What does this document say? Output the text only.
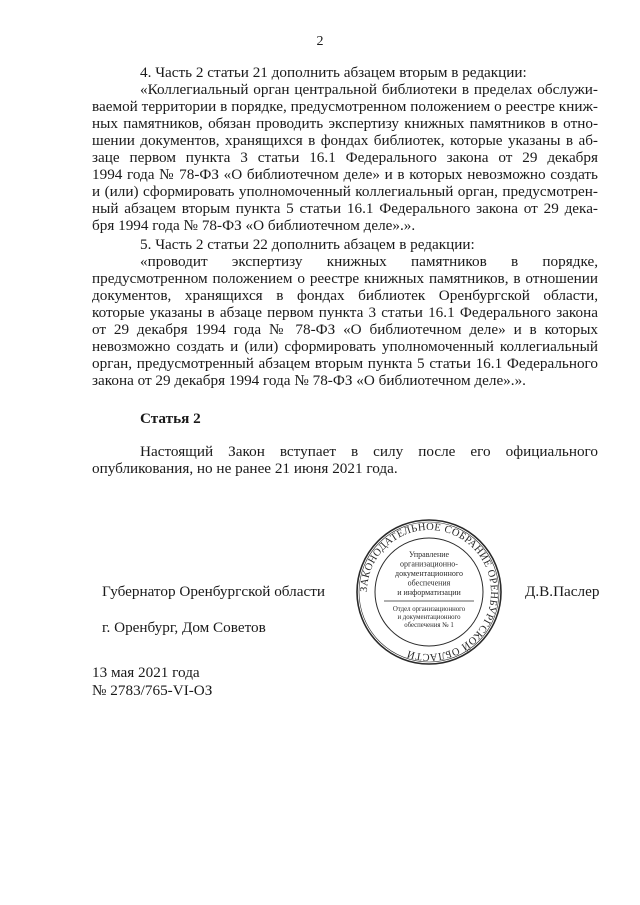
2
4. Часть 2 статьи 21 дополнить абзацем вторым в редакции:
«Коллегиальный орган центральной библиотеки в пределах обслужи-
ваемой территории в порядке, предусмотренном положением о реестре книж-
ных памятников, обязан проводить экспертизу книжных памятников в отно-
шении документов, хранящихся в фондах библиотек, которые указаны в аб-
заце первом пункта 3 статьи 16.1 Федерального закона от 29 декабря
1994 года № 78-ФЗ «О библиотечном деле» и в которых невозможно создать
и (или) сформировать уполномоченный коллегиальный орган, предусмотрен-
ный абзацем вторым пункта 5 статьи 16.1 Федерального закона от 29 дека-
бря 1994 года № 78-ФЗ «О библиотечном деле».».
5. Часть 2 статьи 22 дополнить абзацем в редакции:
«проводит экспертизу книжных памятников в порядке,
предусмотренном положением о реестре книжных памятников, в отношении
документов, хранящихся в фондах библиотек Оренбургской области,
которые указаны в абзаце первом пункта 3 статьи 16.1 Федерального закона
от 29 декабря 1994 года № 78-ФЗ «О библиотечном деле» и в которых
невозможно создать и (или) сформировать уполномоченный коллегиальный
орган, предусмотренный абзацем вторым пункта 5 статьи 16.1 Федерального
закона от 29 декабря 1994 года № 78-ФЗ «О библиотечном деле».».
Настоящий Закон вступает в силу после его официального
опубликования, но не ранее 21 июня 2021 года.
Статья 2
Губернатор Оренбургской области	Д.В.Паслер
г. Оренбург, Дом Советов
13 мая 2021 года
№ 2783/765-VI-ОЗ
ЗАКОНОДАТЕЛЬНОЕ СОБРАНИЕ ОРЕНБУРГСКОЙ ОБЛАСТИ
Управление
организационно-
документационного
обеспечения
и информатизации
Отдел организационного
и документационного
обеспечения № 1
